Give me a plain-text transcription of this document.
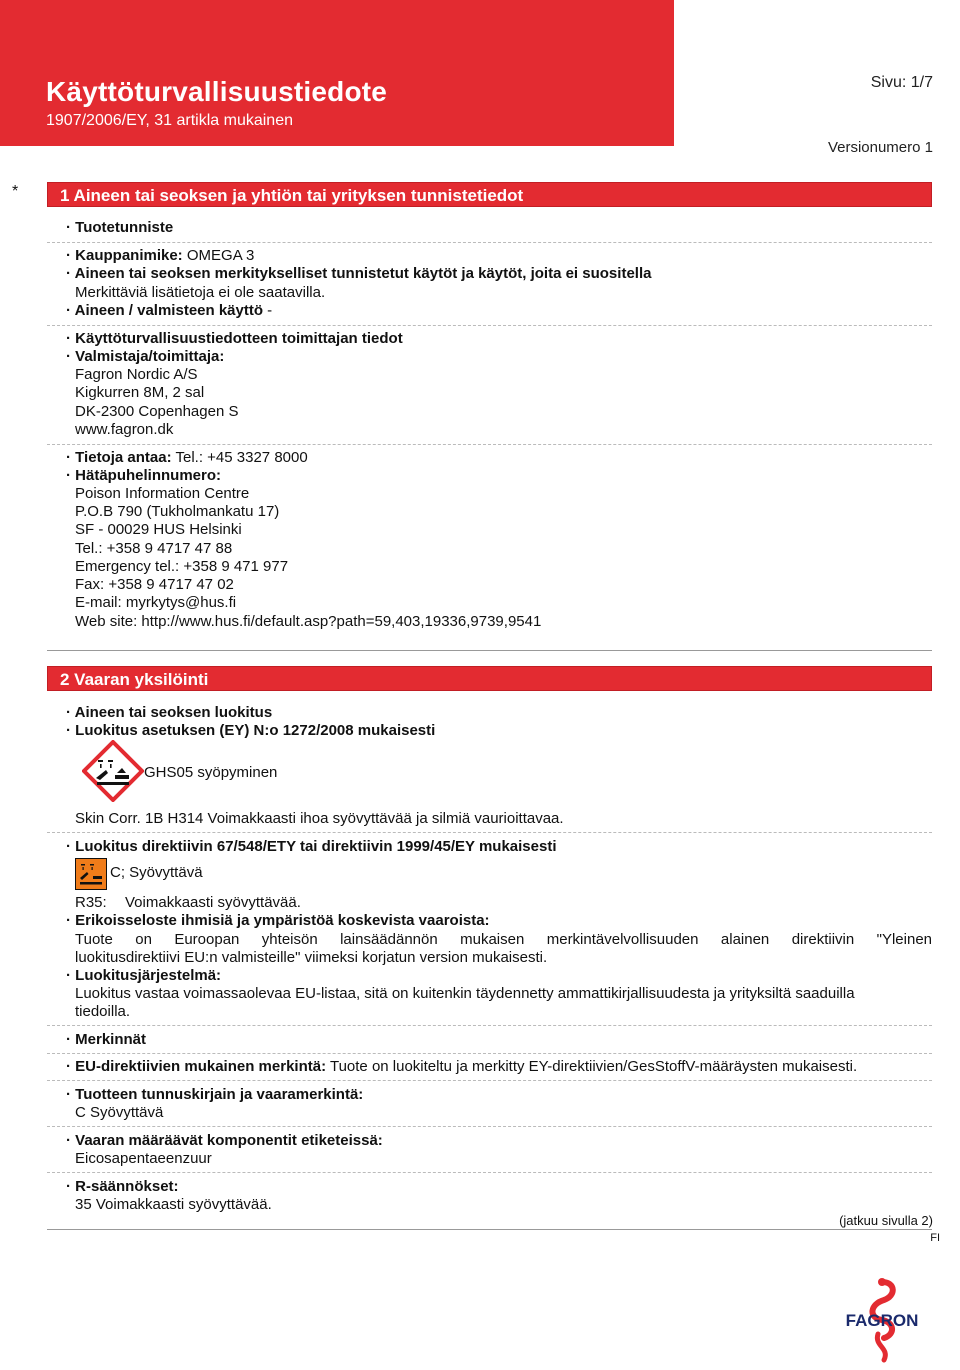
Käyttöturvallisuustiedote
1907/2006/EY, 31 artikla mukainen
Sivu: 1/7
Painatuspäivämäärä 11.01.2013
Tarkistus: 11.01.2013
Versionumero 1
*	1 Aineen tai seoksen ja yhtiön tai yrityksen tunnistetiedot
· Tuotetunniste
· Kauppanimike: OMEGA 3
· Aineen tai seoksen merkitykselliset tunnistetut käytöt ja käytöt, joita ei suositella
Merkittäviä lisätietoja ei ole saatavilla.
· Aineen / valmisteen käyttö -
· Käyttöturvallisuustiedotteen toimittajan tiedot
· Valmistaja/toimittaja:
Fagron Nordic A/S
Kigkurren 8M, 2 sal
DK-2300 Copenhagen S
www.fagron.dk
· Tietoja antaa: Tel.: +45 3327 8000
· Hätäpuhelinnumero:
Poison Information Centre
P.O.B 790 (Tukholmankatu 17)
SF - 00029 HUS Helsinki
Tel.: +358 9 4717 47 88
Emergency tel.: +358 9 471 977
Fax: +358 9 4717 47 02
E-mail: myrkytys@hus.fi
Web site: http://www.hus.fi/default.asp?path=59,403,19336,9739,9541
2 Vaaran yksilöinti
· Aineen tai seoksen luokitus
· Luokitus asetuksen (EY) N:o 1272/2008 mukaisesti
GHS05 syöpyminen
Skin Corr. 1B H314 Voimakkaasti ihoa syövyttävää ja silmiä vaurioittavaa.
· Luokitus direktiivin 67/548/ETY tai direktiivin 1999/45/EY mukaisesti
C; Syövyttävä
R35: Voimakkaasti syövyttävää.
· Erikoisseloste ihmisiä ja ympäristöä koskevista vaaroista:
Tuote on Euroopan yhteisön lainsäädännön mukaisen merkintävelvollisuuden alainen direktiivin "Yleinen
luokitusdirektiivi EU:n valmisteille" viimeksi korjatun version mukaisesti.
· Luokitusjärjestelmä:
Luokitus vastaa voimassaolevaa EU-listaa, sitä on kuitenkin täydennetty ammattikirjallisuudesta ja yrityksiltä saaduilla
tiedoilla.
· Merkinnät
· EU-direktiivien mukainen merkintä: Tuote on luokiteltu ja merkitty EY-direktiivien/GesStoffV-määräysten mukaisesti.
· Tuotteen tunnuskirjain ja vaaramerkintä:
C Syövyttävä
· Vaaran määräävät komponentit etiketeissä:
Eicosapentaeenzuur
· R-säännökset:
35 Voimakkaasti syövyttävää.
(jatkuu sivulla 2)
FI
FAGRON
